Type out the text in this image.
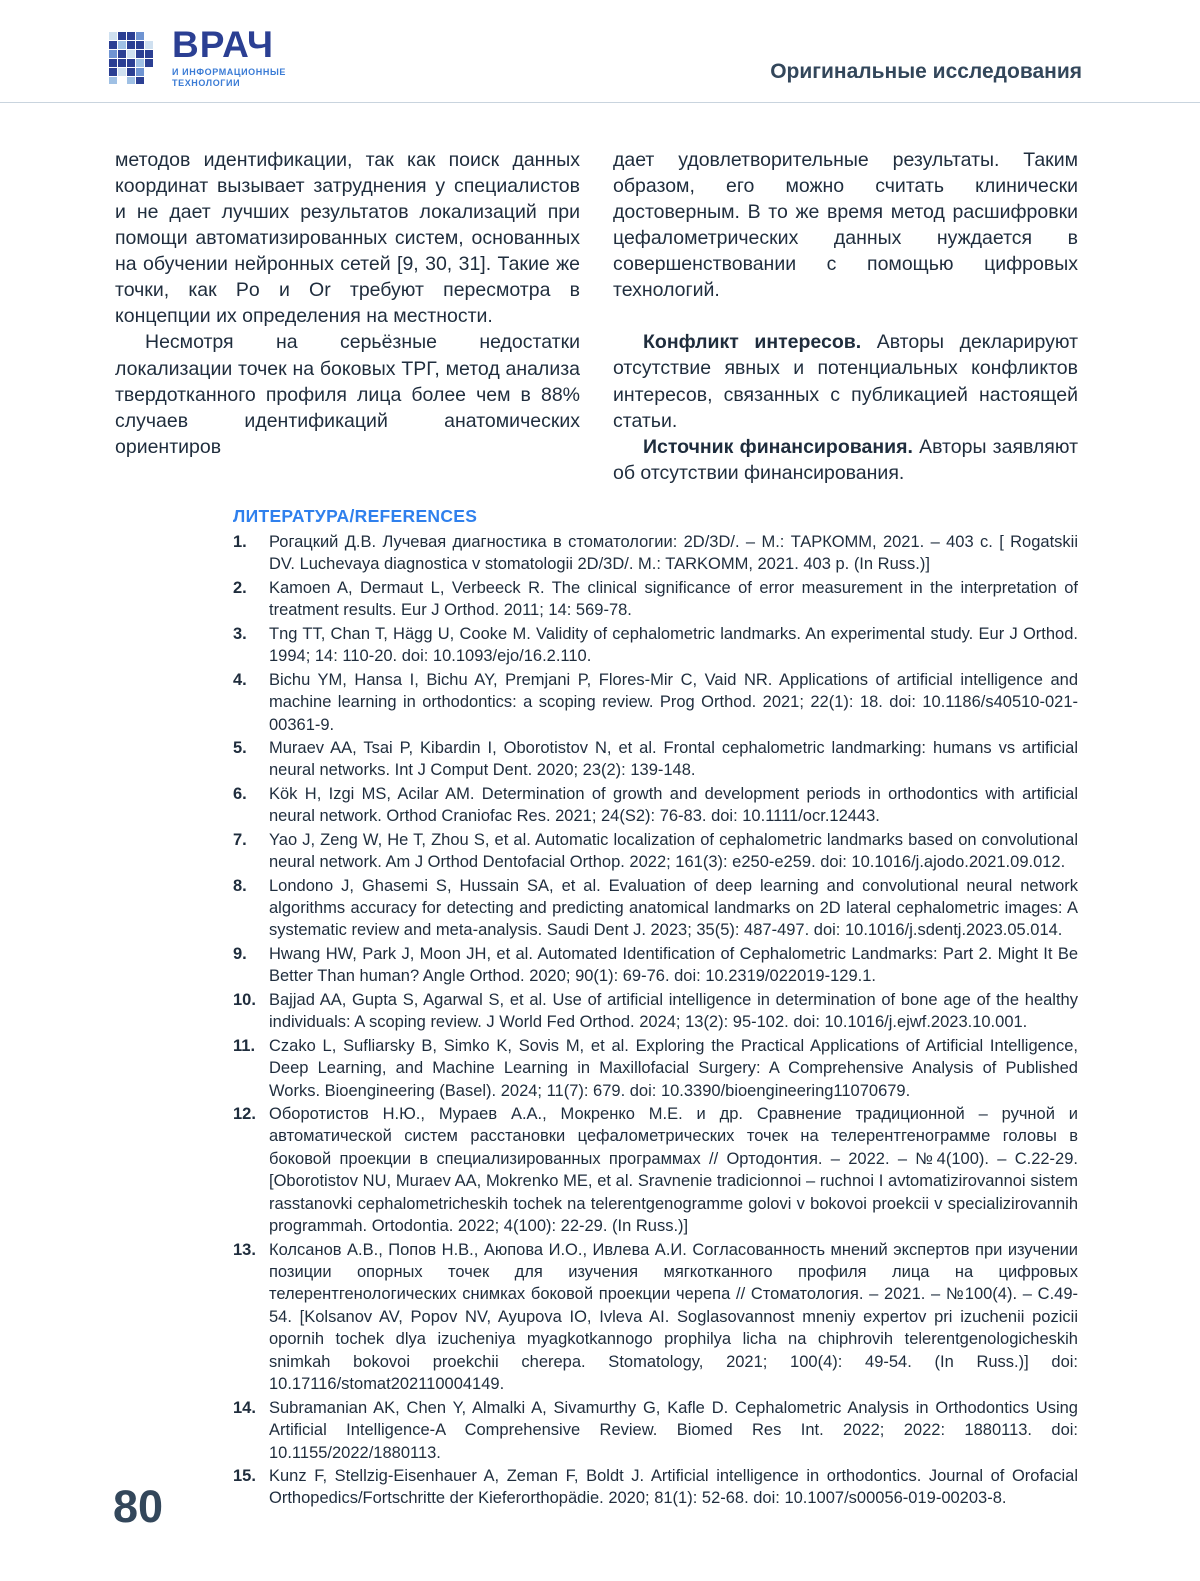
ВРАЧ
И ИНФОРМАЦИОННЫЕ
ТЕХНОЛОГИИ
Оригинальные исследования

методов идентификации, так как поиск данных координат вызывает затруднения у специалистов и не дает лучших результатов локализаций при помощи автоматизированных систем, основанных на обучении нейронных сетей [9, 30, 31]. Такие же точки, как Po и Or требуют пересмотра в концепции их определения на местности.

Несмотря на серьёзные недостатки локализации точек на боковых ТРГ, метод анализа твердотканного профиля лица более чем в 88% случаев идентификаций анатомических ориентиров

дает удовлетворительные результаты. Таким образом, его можно считать клинически достоверным. В то же время метод расшифровки цефалометрических данных нуждается в совершенствовании с помощью цифровых технологий.

Конфликт интересов. Авторы декларируют отсутствие явных и потенциальных конфликтов интересов, связанных с публикацией настоящей статьи.

Источник финансирования. Авторы заявляют об отсутствии финансирования.

ЛИТЕРАТУРА/REFERENCES
1.	Рогацкий Д.В. Лучевая диагностика в стоматологии: 2D/3D/. – М.: ТАРКОММ, 2021. – 403 с. [ Rogatskii DV. Luchevaya diagnostica v stomatologii 2D/3D/. M.: TARKOMM, 2021. 403 p. (In Russ.)]
2.	Kamoen A, Dermaut L, Verbeeck R. The clinical significance of error measurement in the interpretation of treatment results. Eur J Orthod. 2011; 14: 569-78.
3.	Tng TT, Chan T, Hägg U, Cooke M. Validity of cephalometric landmarks. An experimental study. Eur J Orthod. 1994; 14: 110-20. doi: 10.1093/ejo/16.2.110.
4.	Bichu YM, Hansa I, Bichu AY, Premjani P, Flores-Mir C, Vaid NR. Applications of artificial intelligence and machine learning in orthodontics: a scoping review. Prog Orthod. 2021; 22(1): 18. doi: 10.1186/s40510-021-00361-9.
5.	Muraev AA, Tsai P, Kibardin I, Oborotistov N, et al. Frontal cephalometric landmarking: humans vs artificial neural networks. Int J Comput Dent. 2020; 23(2): 139-148.
6.	Kök H, Izgi MS, Acilar AM. Determination of growth and development periods in orthodontics with artificial neural network. Orthod Craniofac Res. 2021; 24(S2): 76-83. doi: 10.1111/ocr.12443.
7.	Yao J, Zeng W, He T, Zhou S, et al. Automatic localization of cephalometric landmarks based on convolutional neural network. Am J Orthod Dentofacial Orthop. 2022; 161(3): e250-e259. doi: 10.1016/j.ajodo.2021.09.012.
8.	Londono J, Ghasemi S, Hussain SA, et al. Evaluation of deep learning and convolutional neural network algorithms accuracy for detecting and predicting anatomical landmarks on 2D lateral cephalometric images: A systematic review and meta-analysis. Saudi Dent J. 2023; 35(5): 487-497. doi: 10.1016/j.sdentj.2023.05.014.
9.	Hwang HW, Park J, Moon JH, et al. Automated Identification of Cephalometric Landmarks: Part 2. Might It Be Better Than human? Angle Orthod. 2020; 90(1): 69-76. doi: 10.2319/022019-129.1.
10. Bajjad AA, Gupta S, Agarwal S, et al. Use of artificial intelligence in determination of bone age of the healthy individuals: A scoping review. J World Fed Orthod. 2024; 13(2): 95-102. doi: 10.1016/j.ejwf.2023.10.001.
11. Czako L, Sufliarsky B, Simko K, Sovis M, et al. Exploring the Practical Applications of Artificial Intelligence, Deep Learning, and Machine Learning in Maxillofacial Surgery: A Comprehensive Analysis of Published Works. Bioengineering (Basel). 2024; 11(7): 679. doi: 10.3390/bioengineering11070679.
12. Оборотистов Н.Ю., Мураев А.А., Мокренко М.Е. и др. Сравнение традиционной – ручной и автоматической систем расстановки цефалометрических точек на телерентгенограмме головы в боковой проекции в специализированных программах // Ортодонтия. – 2022. – №4(100). – С.22-29. [Oborotistov NU, Muraev AA, Mokrenko ME, et al. Sravnenie tradicionnoi – ruchnoi I avtomatizirovannoi sistem rasstanovki cephalometricheskih tochek na telerentgenogramme golovi v bokovoi proekcii v specializirovannih programmah. Ortodontia. 2022; 4(100): 22-29. (In Russ.)]
13. Колсанов А.В., Попов Н.В., Аюпова И.О., Ивлева А.И. Согласованность мнений экспертов при изучении позиции опорных точек для изучения мягкотканного профиля лица на цифровых телерентгенологических снимках боковой проекции черепа // Стоматология. – 2021. – №100(4). – С.49-54. [Kolsanov AV, Popov NV, Ayupova IO, Ivleva AI. Soglasovannost mneniy expertov pri izuchenii pozicii opornih tochek dlya izucheniya myagkotkannogo prophilya licha na chiphrovih telerentgenologicheskih snimkah bokovoi proekchii cherepa. Stomatology, 2021; 100(4): 49-54. (In Russ.)] doi: 10.17116/stomat202110004149.
14. Subramanian AK, Chen Y, Almalki A, Sivamurthy G, Kafle D. Cephalometric Analysis in Orthodontics Using Artificial Intelligence-A Comprehensive Review. Biomed Res Int. 2022; 2022: 1880113. doi: 10.1155/2022/1880113.
15. Kunz F, Stellzig-Eisenhauer A, Zeman F, Boldt J. Artificial intelligence in orthodontics. Journal of Orofacial Orthopedics/Fortschritte der Kieferorthopädie. 2020; 81(1): 52-68. doi: 10.1007/s00056-019-00203-8.
80
